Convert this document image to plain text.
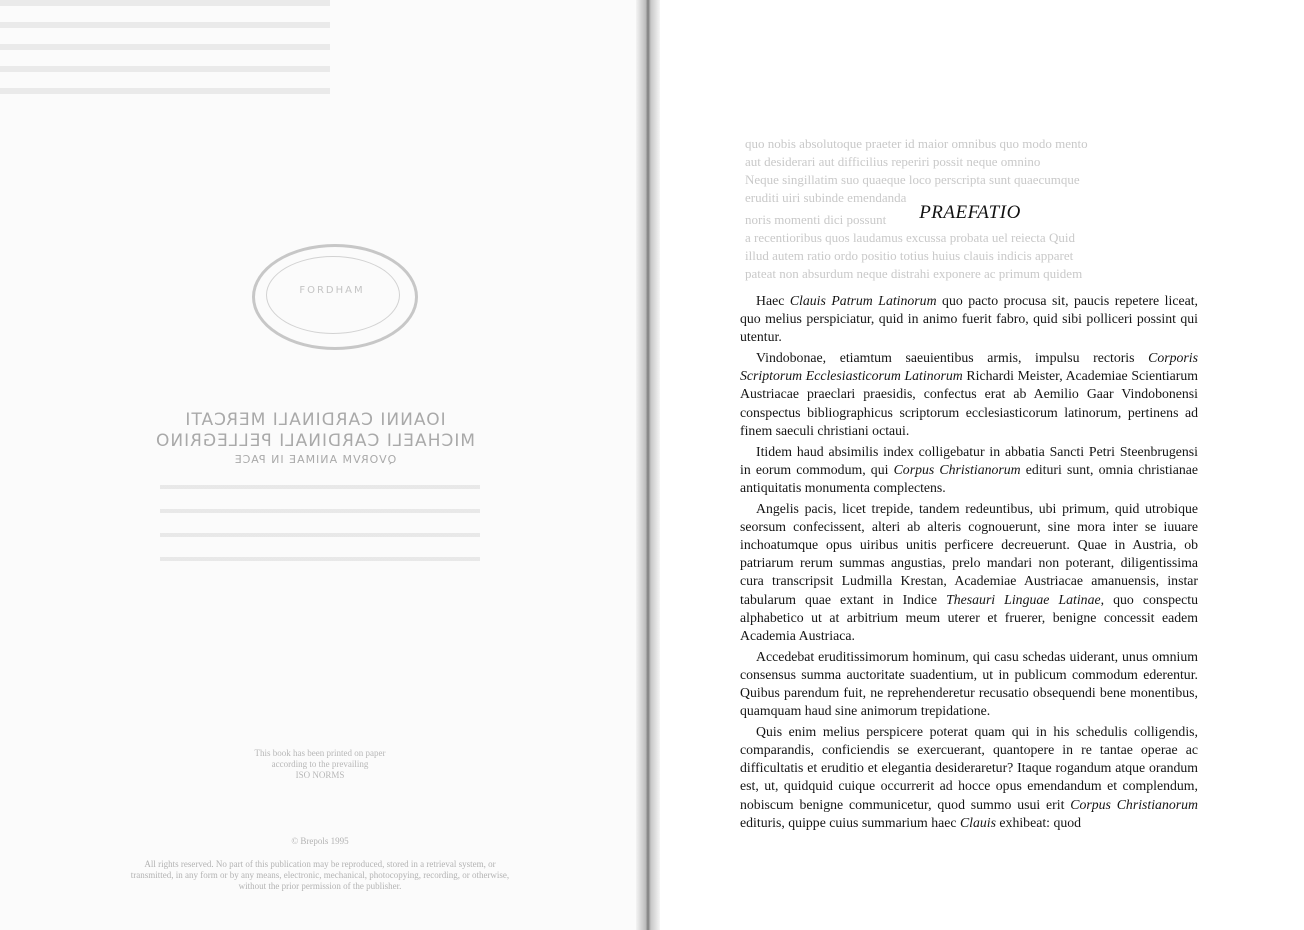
FORDHAM
IOANNI CARDINALI MERCATI
MICHAELI CARDINALI PELLEGRINO
QVORVM ANIMAE IN PACE

This book has been printed on paper
according to the prevailing
ISO NORMS

© Brepols 1995

All rights reserved. No part of this publication may be reproduced, stored in a retrieval system, or transmitted, in any form or by any means, electronic, mechanical, photocopying, recording, or otherwise, without the prior permission of the publisher.

quo nobis absolutoque praeter id maior omnibus quo modo mento
aut desiderari aut difficilius reperiri possit neque omnino
Neque singillatim suo quaeque loco perscripta sunt quaecumque
eruditi uiri subinde emendanda
noris momenti dici possunt
a recentioribus quos laudamus excussa probata uel reiecta Quid
illud autem ratio ordo positio totius huius clauis indicis apparet
pateat non absurdum neque distrahi exponere ac primum quidem
PRAEFATIO

Haec Clauis Patrum Latinorum quo pacto procusa sit, paucis repetere liceat, quo melius perspiciatur, quid in animo fuerit fabro, quid sibi polliceri possint qui utentur.

Vindobonae, etiamtum saeuientibus armis, impulsu rectoris Corporis Scriptorum Ecclesiasticorum Latinorum Richardi Meister, Academiae Scientiarum Austriacae praeclari praesidis, confectus erat ab Aemilio Gaar Vindobonensi conspectus bibliographicus scriptorum ecclesiasticorum latinorum, pertinens ad finem saeculi christiani octaui.

Itidem haud absimilis index colligebatur in abbatia Sancti Petri Steenbrugensi in eorum commodum, qui Corpus Christianorum edituri sunt, omnia christianae antiquitatis monumenta complectens.

Angelis pacis, licet trepide, tandem redeuntibus, ubi primum, quid utrobique seorsum confecissent, alteri ab alteris cognouerunt, sine mora inter se iuuare inchoatumque opus uiribus unitis perficere decreuerunt. Quae in Austria, ob patriarum rerum summas angustias, prelo mandari non poterant, diligentissima cura transcripsit Ludmilla Krestan, Academiae Austriacae amanuensis, instar tabularum quae extant in Indice Thesauri Linguae Latinae, quo conspectu alphabetico ut at arbitrium meum uterer et fruerer, benigne concessit eadem Academia Austriaca.

Accedebat eruditissimorum hominum, qui casu schedas uiderant, unus omnium consensus summa auctoritate suadentium, ut in publicum commodum ederentur. Quibus parendum fuit, ne reprehenderetur recusatio obsequendi bene monentibus, quamquam haud sine animorum trepidatione.

Quis enim melius perspicere poterat quam qui in his schedulis colligendis, comparandis, conficiendis se exercuerant, quantopere in re tantae operae ac difficultatis et eruditio et elegantia desideraretur? Itaque rogandum atque orandum est, ut, quidquid cuique occurrerit ad hocce opus emendandum et complendum, nobiscum benigne communicetur, quod summo usui erit Corpus Christianorum edituris, quippe cuius summarium haec Clauis exhibeat: quod
